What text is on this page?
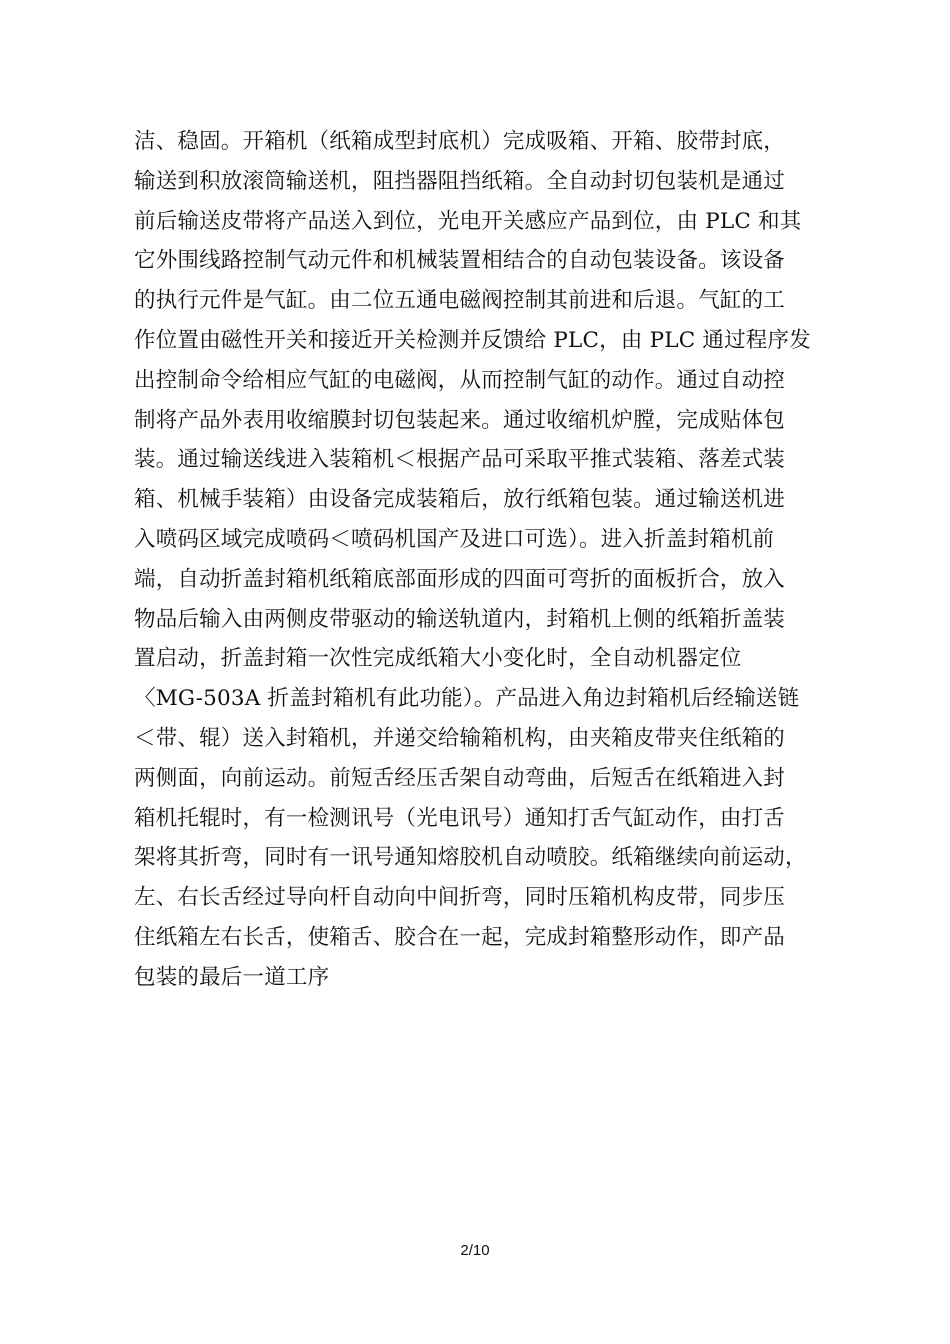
洁、稳固。开箱机（纸箱成型封底机）完成吸箱、开箱、胶带封底，
输送到积放滚筒输送机，阻挡器阻挡纸箱。全自动封切包装机是通过
前后输送皮带将产品送入到位，光电开关感应产品到位，由 PLC 和其
它外围线路控制气动元件和机械装置相结合的自动包装设备。该设备
的执行元件是气缸。由二位五通电磁阀控制其前进和后退。气缸的工
作位置由磁性开关和接近开关检测并反馈给 PLC，由 PLC 通过程序发
出控制命令给相应气缸的电磁阀，从而控制气缸的动作。通过自动控
制将产品外表用收缩膜封切包装起来。通过收缩机炉膛，完成贴体包
装。通过输送线进入装箱机＜根据产品可采取平推式装箱、落差式装
箱、机械手装箱）由设备完成装箱后，放行纸箱包装。通过输送机进
入喷码区域完成喷码＜喷码机国产及进口可选）。进入折盖封箱机前
端，自动折盖封箱机纸箱底部面形成的四面可弯折的面板折合，放入
物品后输入由两侧皮带驱动的输送轨道内，封箱机上侧的纸箱折盖装
置启动，折盖封箱一次性完成纸箱大小变化时，全自动机器定位
〈MG-503A 折盖封箱机有此功能）。产品进入角边封箱机后经输送链
＜带、辊）送入封箱机，并递交给输箱机构，由夹箱皮带夹住纸箱的
两侧面，向前运动。前短舌经压舌架自动弯曲，后短舌在纸箱进入封
箱机托辊时，有一检测讯号（光电讯号）通知打舌气缸动作，由打舌
架将其折弯，同时有一讯号通知熔胶机自动喷胶。纸箱继续向前运动，
左、右长舌经过导向杆自动向中间折弯，同时压箱机构皮带，同步压
住纸箱左右长舌，使箱舌、胶合在一起，完成封箱整形动作，即产品
包装的最后一道工序
2/10
